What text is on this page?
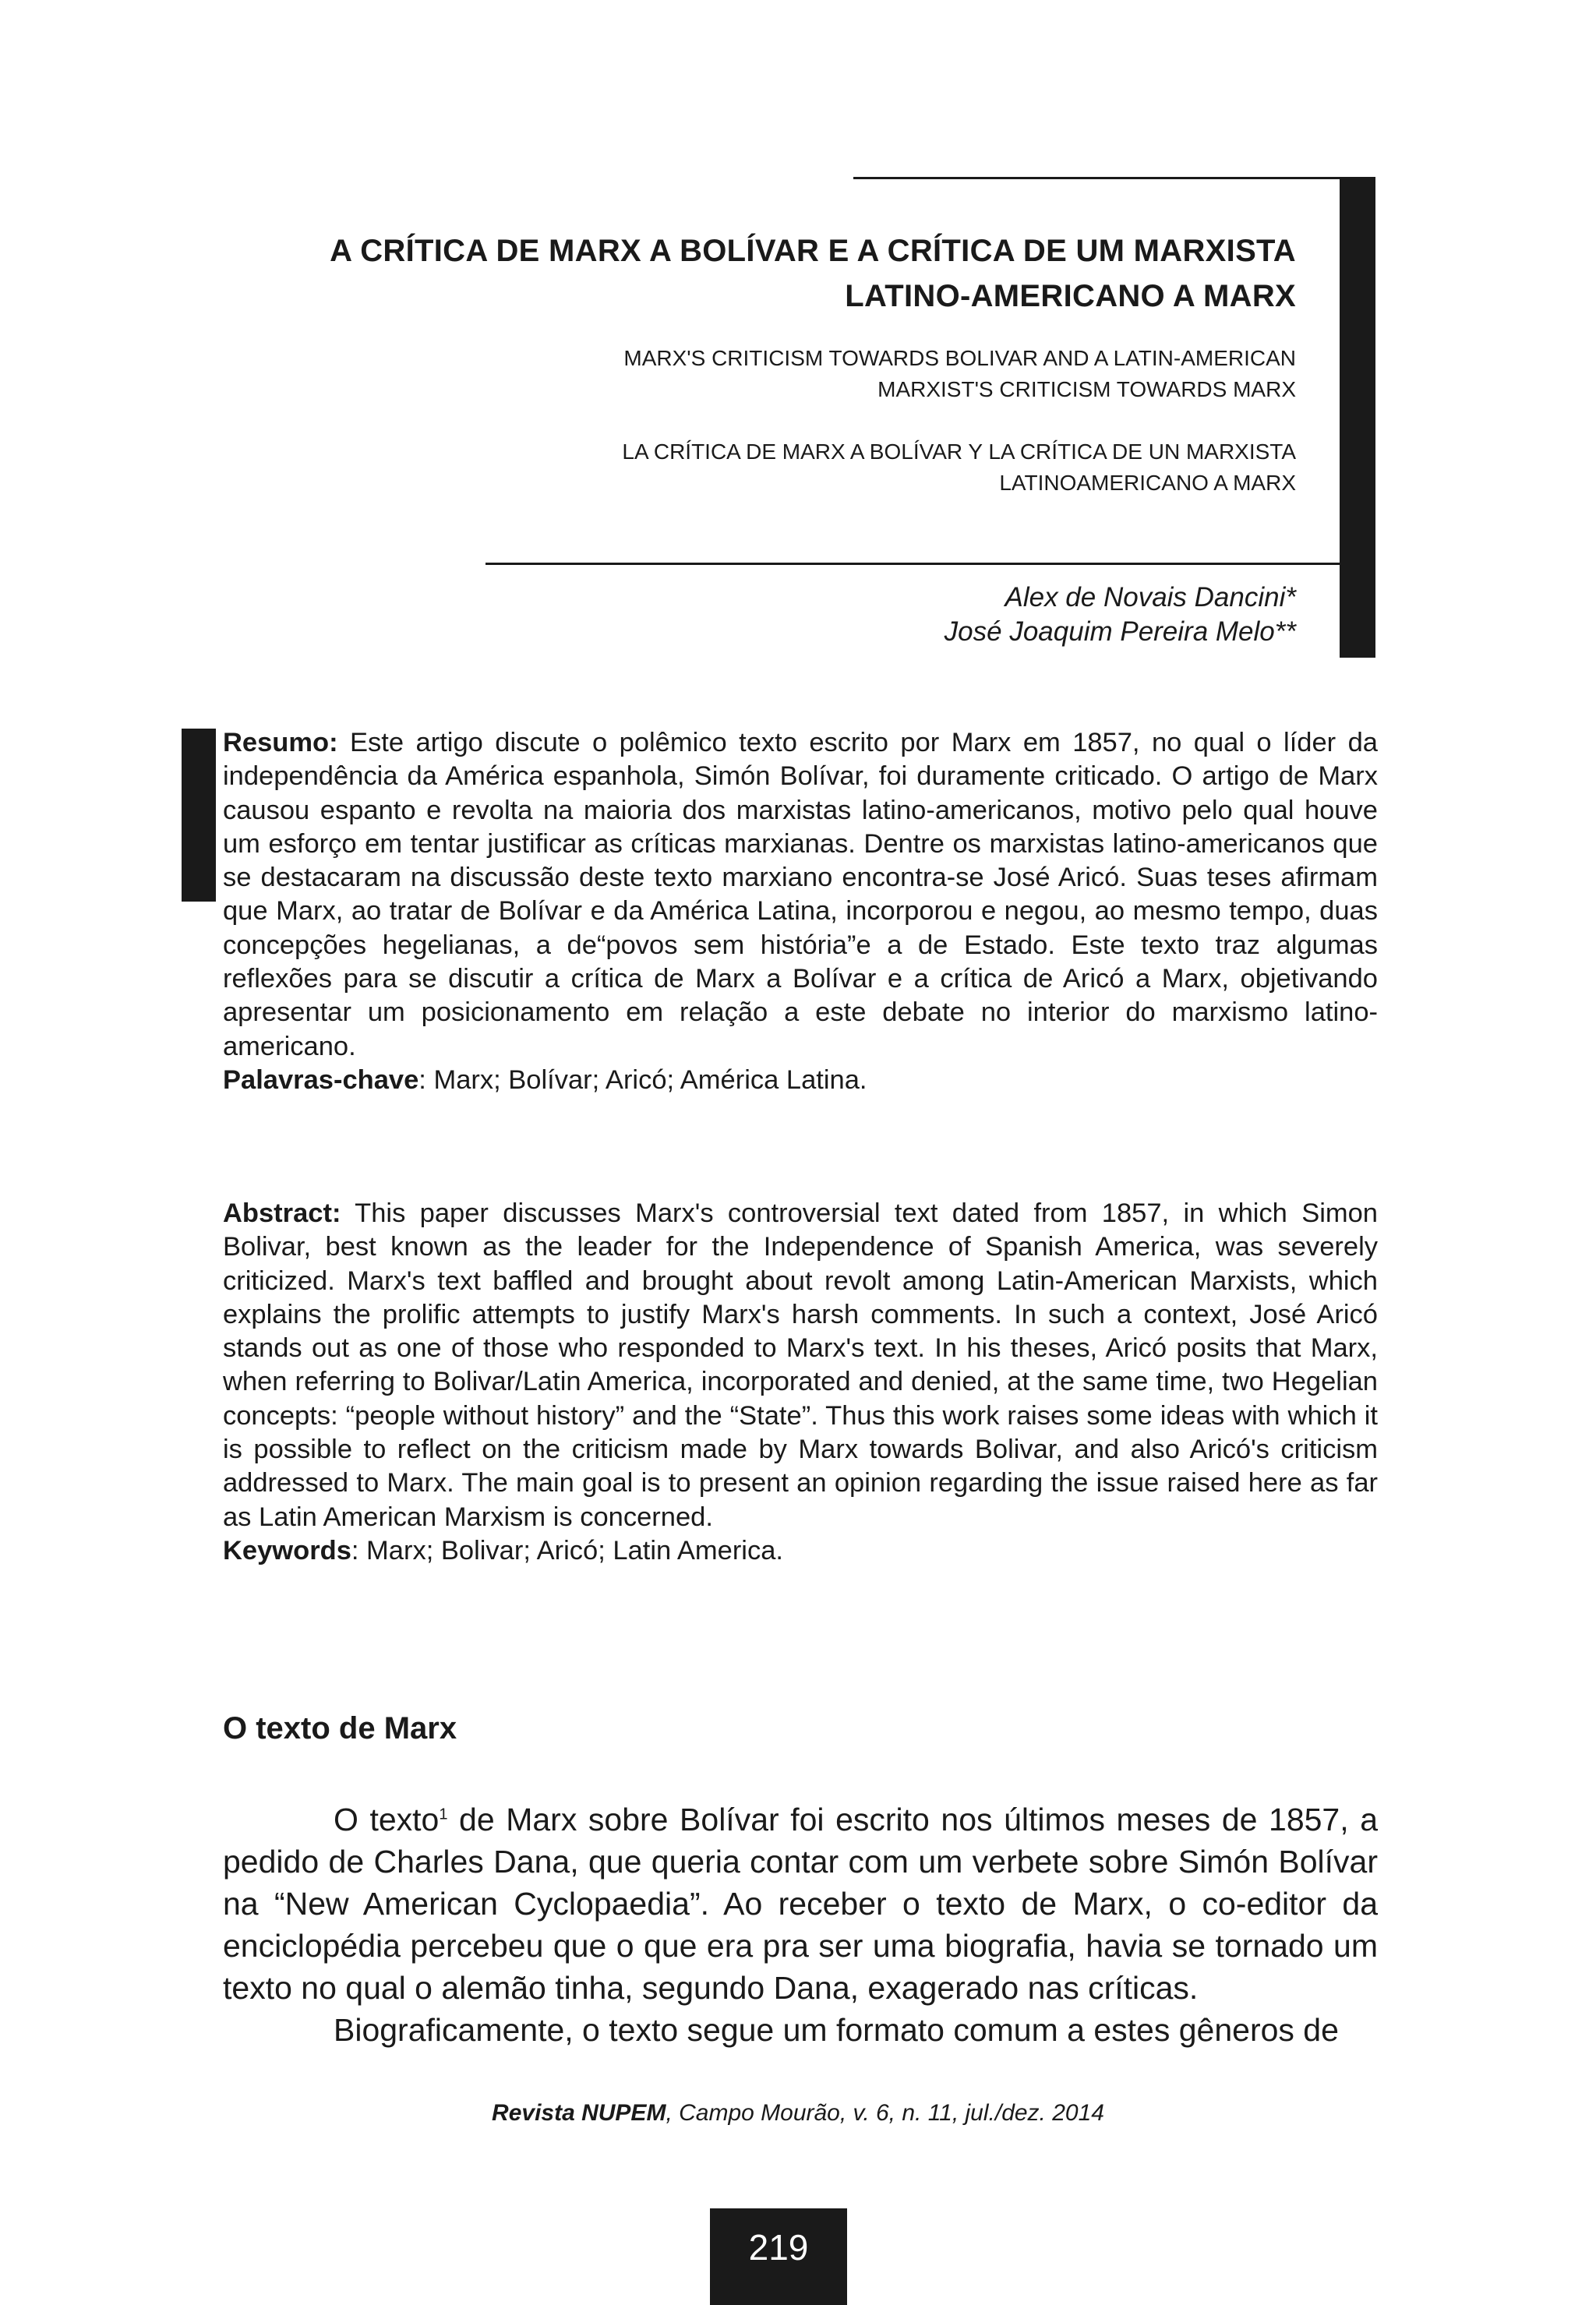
A CRÍTICA DE MARX A BOLÍVAR E A CRÍTICA DE UM MARXISTA
LATINO-AMERICANO A MARX
MARX'S CRITICISM TOWARDS BOLIVAR AND A LATIN-AMERICAN
MARXIST'S CRITICISM TOWARDS MARX
LA CRÍTICA DE MARX A BOLÍVAR Y LA CRÍTICA DE UN MARXISTA
LATINOAMERICANO A MARX
Alex de Novais Dancini*
José Joaquim Pereira Melo**
Resumo: Este artigo discute o polêmico texto escrito por Marx em 1857, no qual o líder da independência da América espanhola, Simón Bolívar, foi duramente criticado. O artigo de Marx causou espanto e revolta na maioria dos marxistas latino-americanos, motivo pelo qual houve um esforço em tentar justificar as críticas marxianas. Dentre os marxistas latino-americanos que se destacaram na discussão deste texto marxiano encontra-se José Aricó. Suas teses afirmam que Marx, ao tratar de Bolívar e da América Latina, incorporou e negou, ao mesmo tempo, duas concepções hegelianas, a de“povos sem história”e a de Estado. Este texto traz algumas reflexões para se discutir a crítica de Marx a Bolívar e a crítica de Aricó a Marx, objetivando apresentar um posicionamento em relação a este debate no interior do marxismo latino-americano.
Palavras-chave: Marx; Bolívar; Aricó; América Latina.
Abstract: This paper discusses Marx's controversial text dated from 1857, in which Simon Bolivar, best known as the leader for the Independence of Spanish America, was severely criticized. Marx's text baffled and brought about revolt among Latin-American Marxists, which explains the prolific attempts to justify Marx's harsh comments. In such a context, José Aricó stands out as one of those who responded to Marx's text. In his theses, Aricó posits that Marx, when referring to Bolivar/Latin America, incorporated and denied, at the same time, two Hegelian concepts: “people without history” and the “State”. Thus this work raises some ideas with which it is possible to reflect on the criticism made by Marx towards Bolivar, and also Aricó's criticism addressed to Marx. The main goal is to present an opinion regarding the issue raised here as far as Latin American Marxism is concerned.
Keywords: Marx; Bolivar; Aricó; Latin America.
O texto de Marx

O texto$^1$ de Marx sobre Bolívar foi escrito nos últimos meses de 1857, a pedido de Charles Dana, que queria contar com um verbete sobre Simón Bolívar na “New American Cyclopaedia”. Ao receber o texto de Marx, o co-editor da enciclopédia percebeu que o que era pra ser uma biografia, havia se tornado um texto no qual o alemão tinha, segundo Dana, exagerado nas críticas.

Biograficamente, o texto segue um formato comum a estes gêneros de

Revista NUPEM, Campo Mourão, v. 6, n. 11, jul./dez. 2014
219
